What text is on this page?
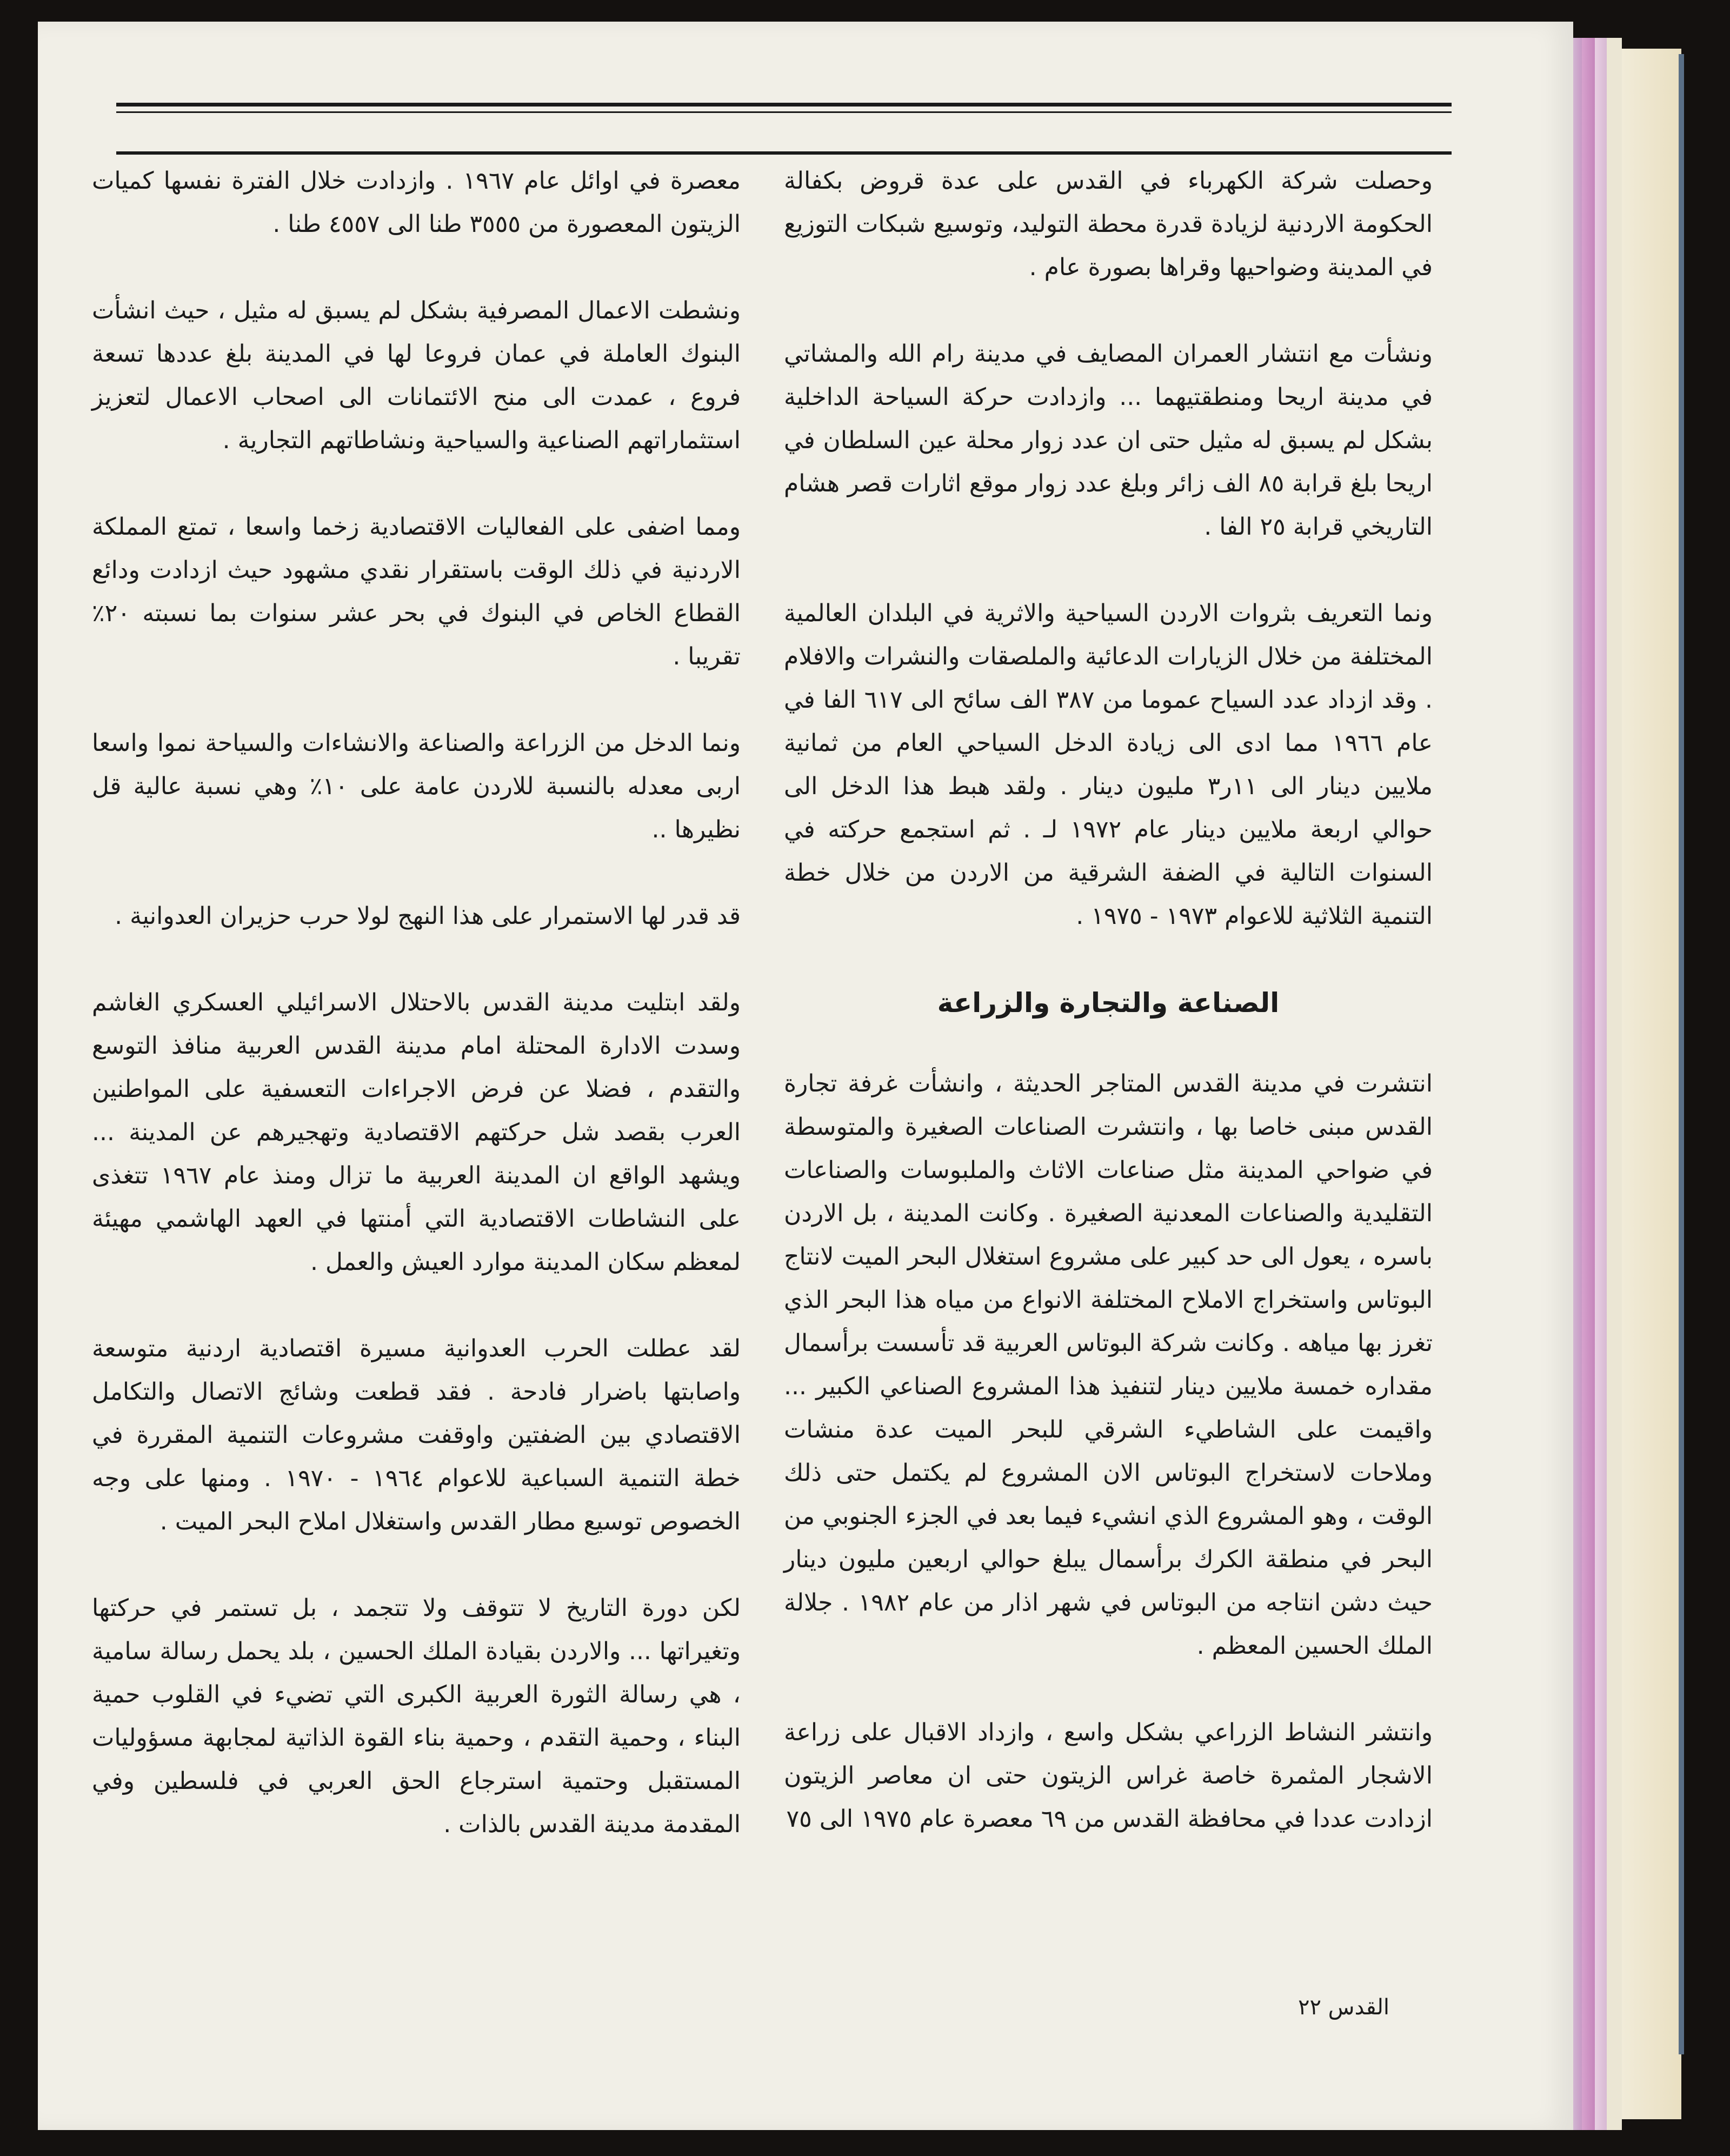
وحصلت شركة الكهرباء في القدس على عدة قروض بكفالة الحكومة الاردنية لزيادة قدرة محطة التوليد، وتوسيع شبكات التوزيع في المدينة وضواحيها وقراها بصورة عام .

ونشأت مع انتشار العمران المصايف في مدينة رام الله والمشاتي في مدينة اريحا ومنطقتيهما ... وازدادت حركة السياحة الداخلية بشكل لم يسبق له مثيل حتى ان عدد زوار محلة عين السلطان في اريحا بلغ قرابة ٨٥ الف زائر وبلغ عدد زوار موقع اثارات قصر هشام التاريخي قرابة ٢٥ الفا .

ونما التعريف بثروات الاردن السياحية والاثرية في البلدان العالمية المختلفة من خلال الزيارات الدعائية والملصقات والنشرات والافلام . وقد ازداد عدد السياح عموما من ٣٨٧ الف سائح الى ٦١٧ الفا في عام ١٩٦٦ مما ادى الى زيادة الدخل السياحي العام من ثمانية ملايين دينار الى ١١ر٣ مليون دينار . ولقد هبط هذا الدخل الى حوالي اربعة ملايين دينار عام ١٩٧٢ لـ . ثم استجمع حركته في السنوات التالية في الضفة الشرقية من الاردن من خلال خطة التنمية الثلاثية للاعوام ١٩٧٣ - ١٩٧٥ .

الصناعة والتجارة والزراعة

انتشرت في مدينة القدس المتاجر الحديثة ، وانشأت غرفة تجارة القدس مبنى خاصا بها ، وانتشرت الصناعات الصغيرة والمتوسطة في ضواحي المدينة مثل صناعات الاثاث والملبوسات والصناعات التقليدية والصناعات المعدنية الصغيرة . وكانت المدينة ، بل الاردن باسره ، يعول الى حد كبير على مشروع استغلال البحر الميت لانتاج البوتاس واستخراج الاملاح المختلفة الانواع من مياه هذا البحر الذي تغرز بها مياهه . وكانت شركة البوتاس العربية قد تأسست برأسمال مقداره خمسة ملايين دينار لتنفيذ هذا المشروع الصناعي الكبير ... واقيمت على الشاطيء الشرقي للبحر الميت عدة منشات وملاحات لاستخراج البوتاس الان المشروع لم يكتمل حتى ذلك الوقت ، وهو المشروع الذي انشيء فيما بعد في الجزء الجنوبي من البحر في منطقة الكرك برأسمال يبلغ حوالي اربعين مليون دينار حيث دشن انتاجه من البوتاس في شهر اذار من عام ١٩٨٢ . جلالة الملك الحسين المعظم .

وانتشر النشاط الزراعي بشكل واسع ، وازداد الاقبال على زراعة الاشجار المثمرة خاصة غراس الزيتون حتى ان معاصر الزيتون ازدادت عددا في محافظة القدس من ٦٩ معصرة عام ١٩٧٥ الى ٧٥

معصرة في اوائل عام ١٩٦٧ . وازدادت خلال الفترة نفسها كميات الزيتون المعصورة من ٣٥٥٥ طنا الى ٤٥٥٧ طنا .

ونشطت الاعمال المصرفية بشكل لم يسبق له مثيل ، حيث انشأت البنوك العاملة في عمان فروعا لها في المدينة بلغ عددها تسعة فروع ، عمدت الى منح الائتمانات الى اصحاب الاعمال لتعزيز استثماراتهم الصناعية والسياحية ونشاطاتهم التجارية .

ومما اضفى على الفعاليات الاقتصادية زخما واسعا ، تمتع المملكة الاردنية في ذلك الوقت باستقرار نقدي مشهود حيث ازدادت ودائع القطاع الخاص في البنوك في بحر عشر سنوات بما نسبته ٢٠٪ تقريبا .

ونما الدخل من الزراعة والصناعة والانشاءات والسياحة نموا واسعا اربى معدله بالنسبة للاردن عامة على ١٠٪ وهي نسبة عالية قل نظيرها ..

قد قدر لها الاستمرار على هذا النهج لولا حرب حزيران العدوانية .

ولقد ابتليت مدينة القدس بالاحتلال الاسرائيلي العسكري الغاشم وسدت الادارة المحتلة امام مدينة القدس العربية منافذ التوسع والتقدم ، فضلا عن فرض الاجراءات التعسفية على المواطنين العرب بقصد شل حركتهم الاقتصادية وتهجيرهم عن المدينة ... ويشهد الواقع ان المدينة العربية ما تزال ومنذ عام ١٩٦٧ تتغذى على النشاطات الاقتصادية التي أمنتها في العهد الهاشمي مهيئة لمعظم سكان المدينة موارد العيش والعمل .

لقد عطلت الحرب العدوانية مسيرة اقتصادية اردنية متوسعة واصابتها باضرار فادحة . فقد قطعت وشائج الاتصال والتكامل الاقتصادي بين الضفتين واوقفت مشروعات التنمية المقررة في خطة التنمية السباعية للاعوام ١٩٦٤ - ١٩٧٠ . ومنها على وجه الخصوص توسيع مطار القدس واستغلال املاح البحر الميت .

لكن دورة التاريخ لا تتوقف ولا تتجمد ، بل تستمر في حركتها وتغيراتها ... والاردن بقيادة الملك الحسين ، بلد يحمل رسالة سامية ، هي رسالة الثورة العربية الكبرى التي تضيء في القلوب حمية البناء ، وحمية التقدم ، وحمية بناء القوة الذاتية لمجابهة مسؤوليات المستقبل وحتمية استرجاع الحق العربي في فلسطين وفي المقدمة مدينة القدس بالذات .

القدس ٢٢
